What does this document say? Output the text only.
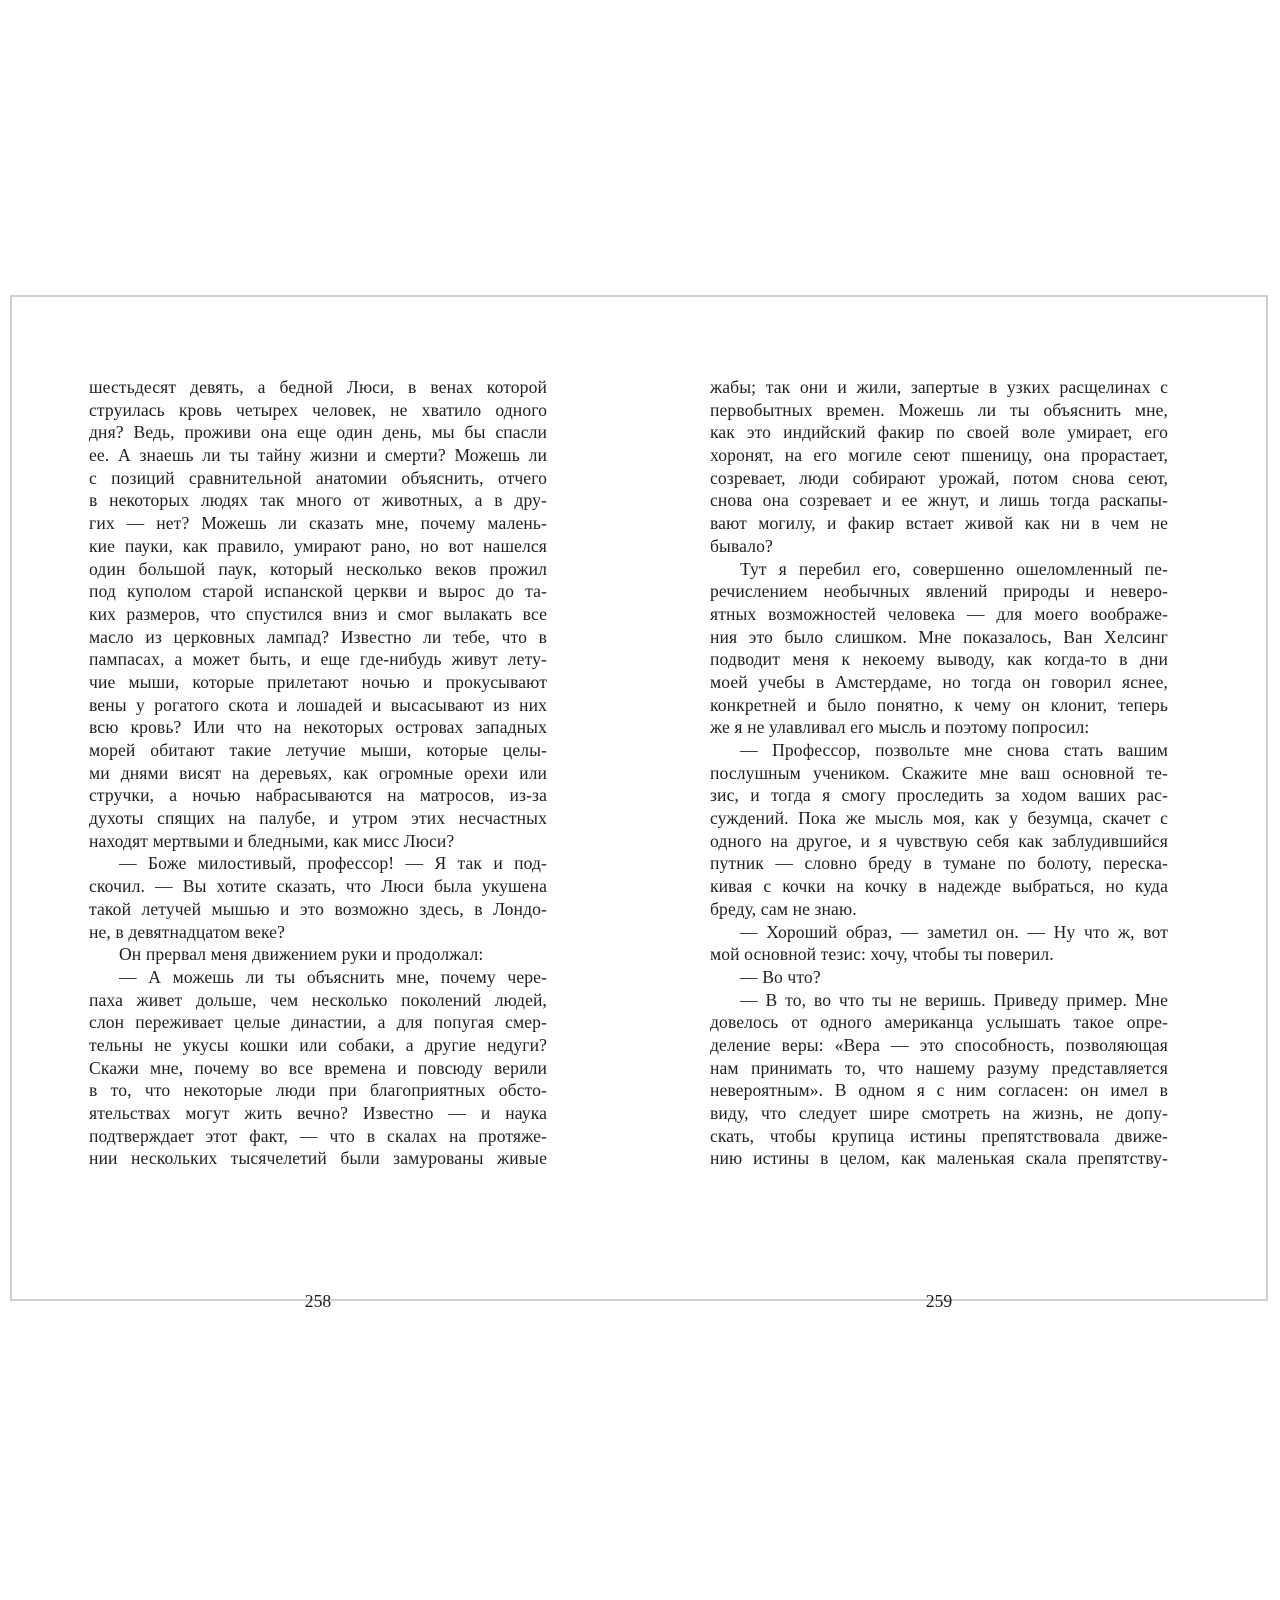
шестьдесят девять, а бедной Люси, в венах которой
струилась кровь четырех человек, не хватило одного
дня? Ведь, проживи она еще один день, мы бы спасли
ее. А знаешь ли ты тайну жизни и смерти? Можешь ли
с позиций сравнительной анатомии объяснить, отчего
в некоторых людях так много от животных, а в дру-
гих — нет? Можешь ли сказать мне, почему малень-
кие пауки, как правило, умирают рано, но вот нашелся
один большой паук, который несколько веков прожил
под куполом старой испанской церкви и вырос до та-
ких размеров, что спустился вниз и смог вылакать все
масло из церковных лампад? Известно ли тебе, что в
пампасах, а может быть, и еще где-нибудь живут лету-
чие мыши, которые прилетают ночью и прокусывают
вены у рогатого скота и лошадей и высасывают из них
всю кровь? Или что на некоторых островах западных
морей обитают такие летучие мыши, которые целы-
ми днями висят на деревьях, как огромные орехи или
стручки, а ночью набрасываются на матросов, из-за
духоты спящих на палубе, и утром этих несчастных
находят мертвыми и бледными, как мисс Люси?
— Боже милостивый, профессор! — Я так и под-
скочил. — Вы хотите сказать, что Люси была укушена
такой летучей мышью и это возможно здесь, в Лондо-
не, в девятнадцатом веке?
Он прервал меня движением руки и продолжал:
— А можешь ли ты объяснить мне, почему чере-
паха живет дольше, чем несколько поколений людей,
слон переживает целые династии, а для попугая смер-
тельны не укусы кошки или собаки, а другие недуги?
Скажи мне, почему во все времена и повсюду верили
в то, что некоторые люди при благоприятных обсто-
ятельствах могут жить вечно? Известно — и наука
подтверждает этот факт, — что в скалах на протяже-
нии нескольких тысячелетий были замурованы живые
258
жабы; так они и жили, запертые в узких расщелинах с
первобытных времен. Можешь ли ты объяснить мне,
как это индийский факир по своей воле умирает, его
хоронят, на его могиле сеют пшеницу, она прорастает,
созревает, люди собирают урожай, потом снова сеют,
снова она созревает и ее жнут, и лишь тогда раскапы-
вают могилу, и факир встает живой как ни в чем не
бывало?
Тут я перебил его, совершенно ошеломленный пе-
речислением необычных явлений природы и неверо-
ятных возможностей человека — для моего воображе-
ния это было слишком. Мне показалось, Ван Хелсинг
подводит меня к некоему выводу, как когда-то в дни
моей учебы в Амстердаме, но тогда он говорил яснее,
конкретней и было понятно, к чему он клонит, теперь
же я не улавливал его мысль и поэтому попросил:
— Профессор, позвольте мне снова стать вашим
послушным учеником. Скажите мне ваш основной те-
зис, и тогда я смогу проследить за ходом ваших рас-
суждений. Пока же мысль моя, как у безумца, скачет с
одного на другое, и я чувствую себя как заблудившийся
путник — словно бреду в тумане по болоту, переска-
кивая с кочки на кочку в надежде выбраться, но куда
бреду, сам не знаю.
— Хороший образ, — заметил он. — Ну что ж, вот
мой основной тезис: хочу, чтобы ты поверил.
— Во что?
— В то, во что ты не веришь. Приведу пример. Мне
довелось от одного американца услышать такое опре-
деление веры: «Вера — это способность, позволяющая
нам принимать то, что нашему разуму представляется
невероятным». В одном я с ним согласен: он имел в
виду, что следует шире смотреть на жизнь, не допу-
скать, чтобы крупица истины препятствовала движе-
нию истины в целом, как маленькая скала препятству-
259
